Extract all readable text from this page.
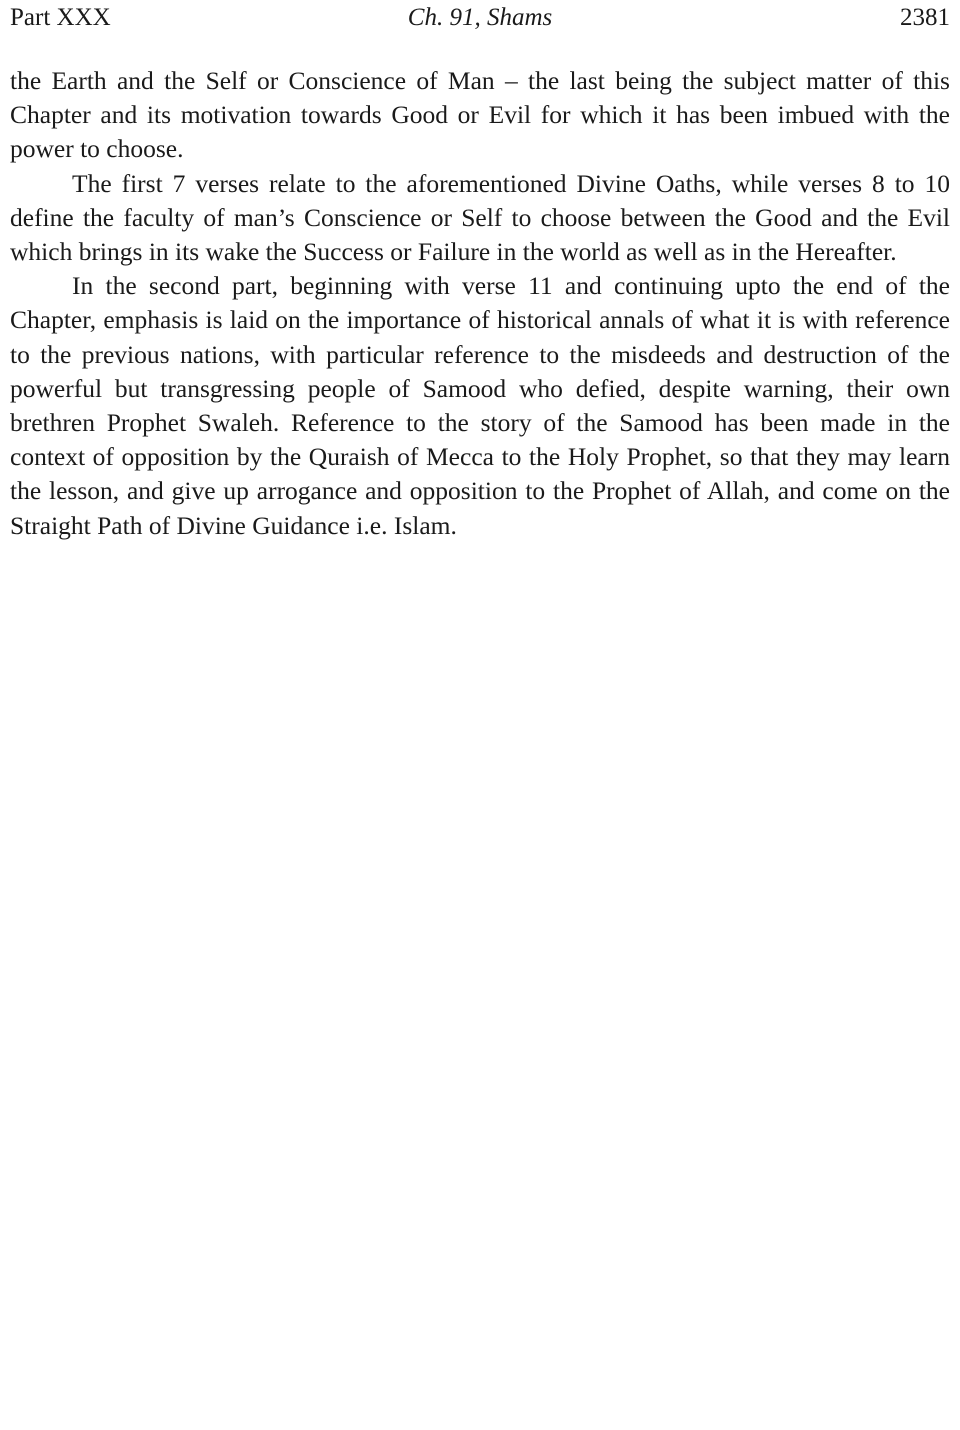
Part XXX	Ch. 91, Shams	2381

the Earth and the Self or Conscience of Man – the last being the subject matter of this Chapter and its motivation towards Good or Evil for which it has been imbued with the power to choose.

The first 7 verses relate to the aforementioned Divine Oaths, while verses 8 to 10 define the faculty of man’s Conscience or Self to choose between the Good and the Evil which brings in its wake the Success or Failure in the world as well as in the Hereafter.

In the second part, beginning with verse 11 and continuing upto the end of the Chapter, emphasis is laid on the importance of historical annals of what it is with reference to the previous nations, with particular reference to the misdeeds and destruction of the powerful but transgressing people of Samood who defied, despite warning, their own brethren Prophet Swaleh. Reference to the story of the Samood has been made in the context of opposition by the Quraish of Mecca to the Holy Prophet, so that they may learn the lesson, and give up arrogance and opposition to the Prophet of Allah, and come on the Straight Path of Divine Guidance i.e. Islam.
